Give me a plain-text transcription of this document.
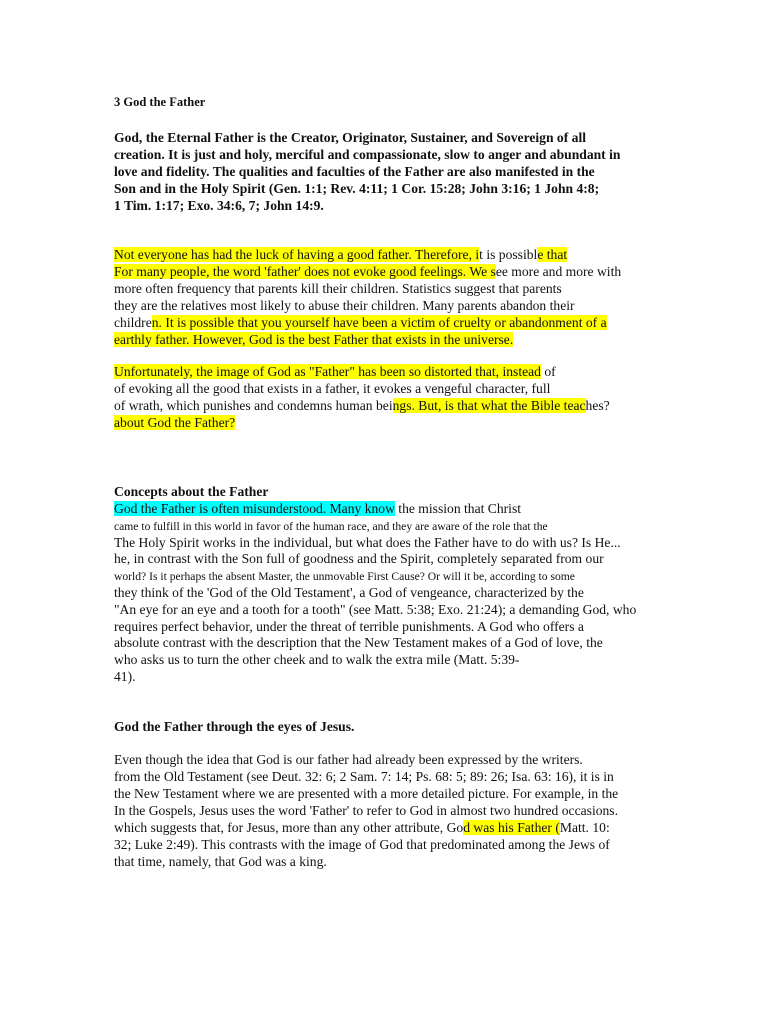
3 God the Father
God, the Eternal Father is the Creator, Originator, Sustainer, and Sovereign of all
creation. It is just and holy, merciful and compassionate, slow to anger and abundant in
love and fidelity. The qualities and faculties of the Father are also manifested in the
Son and in the Holy Spirit (Gen. 1:1; Rev. 4:11; 1 Cor. 15:28; John 3:16; 1 John 4:8;
1 Tim. 1:17; Exo. 34:6, 7; John 14:9.
Not everyone has had the luck of having a good father. Therefore, it is possible that
For many people, the word 'father' does not evoke good feelings. We see more and more with
more often frequency that parents kill their children. Statistics suggest that parents
they are the relatives most likely to abuse their children. Many parents abandon their
children. It is possible that you yourself have been a victim of cruelty or abandonment of a
earthly father. However, God is the best Father that exists in the universe.
Unfortunately, the image of God as "Father" has been so distorted that, instead of
of evoking all the good that exists in a father, it evokes a vengeful character, full
of wrath, which punishes and condemns human beings. But, is that what the Bible teaches?
about God the Father?
Concepts about the Father
God the Father is often misunderstood. Many know the mission that Christ
came to fulfill in this world in favor of the human race, and they are aware of the role that the
The Holy Spirit works in the individual, but what does the Father have to do with us? Is He...
he, in contrast with the Son full of goodness and the Spirit, completely separated from our
world? Is it perhaps the absent Master, the unmovable First Cause? Or will it be, according to some
they think of the 'God of the Old Testament', a God of vengeance, characterized by the
"An eye for an eye and a tooth for a tooth" (see Matt. 5:38; Exo. 21:24); a demanding God, who
requires perfect behavior, under the threat of terrible punishments. A God who offers a
absolute contrast with the description that the New Testament makes of a God of love, the
who asks us to turn the other cheek and to walk the extra mile (Matt. 5:39-
41).
God the Father through the eyes of Jesus.
Even though the idea that God is our father had already been expressed by the writers.
from the Old Testament (see Deut. 32: 6; 2 Sam. 7: 14; Ps. 68: 5; 89: 26; Isa. 63: 16), it is in
the New Testament where we are presented with a more detailed picture. For example, in the
In the Gospels, Jesus uses the word 'Father' to refer to God in almost two hundred occasions.
which suggests that, for Jesus, more than any other attribute, God was his Father (Matt. 10:
32; Luke 2:49). This contrasts with the image of God that predominated among the Jews of
that time, namely, that God was a king.
